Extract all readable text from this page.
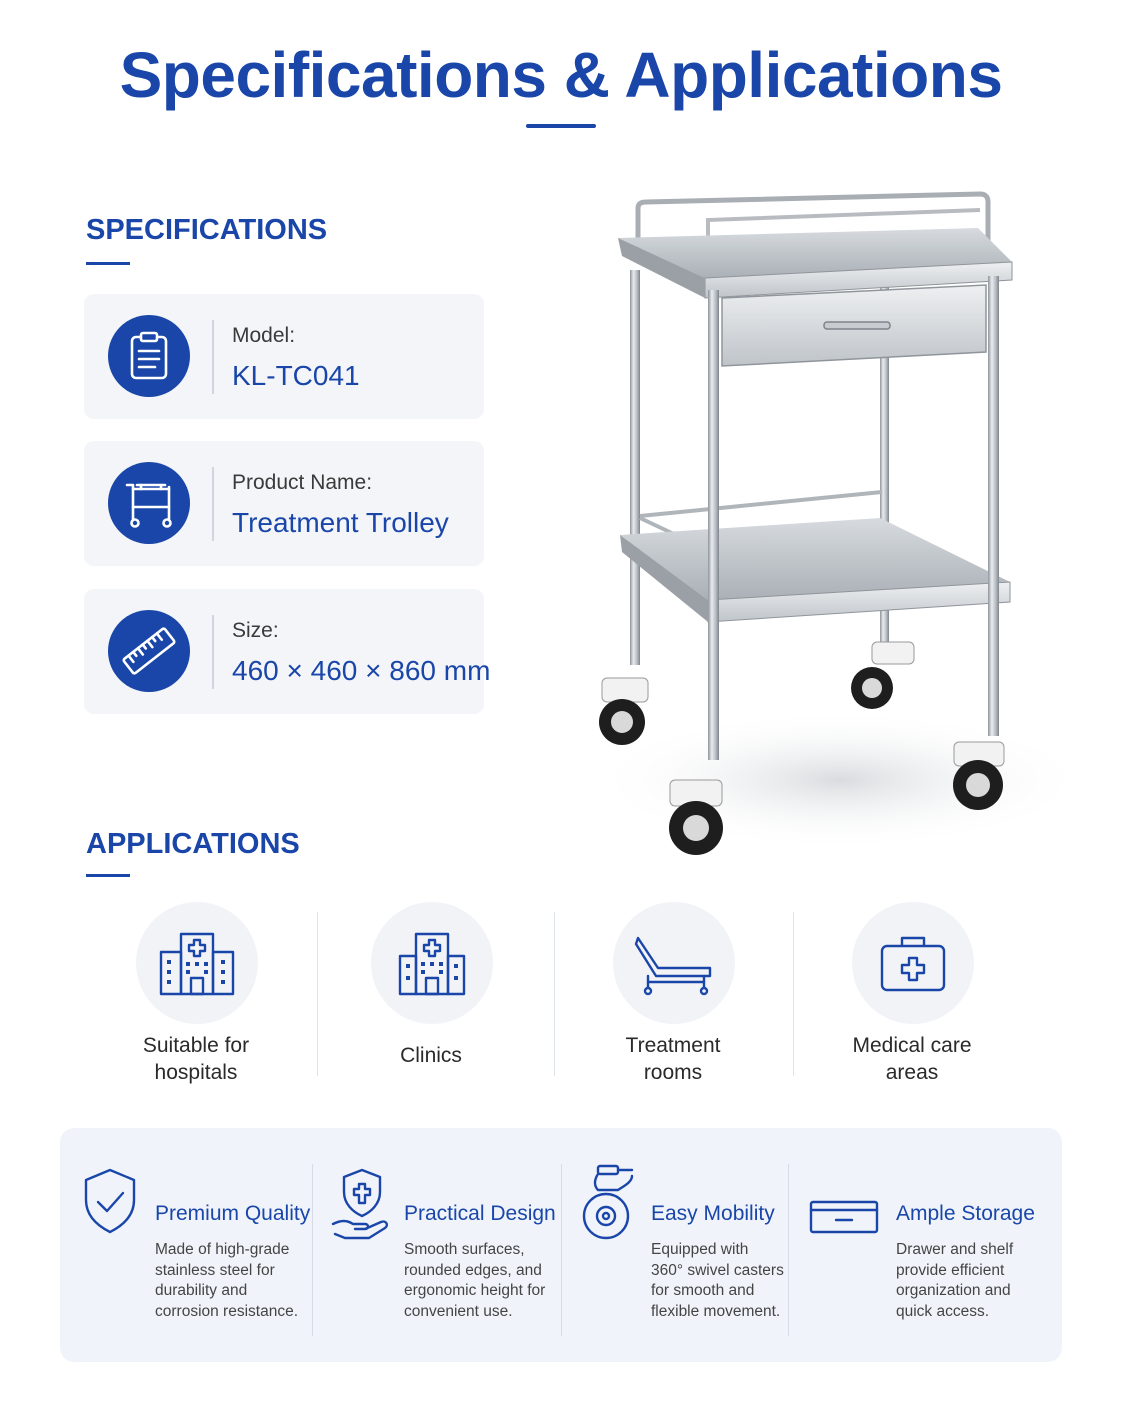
Specifications & Applications
SPECIFICATIONS
Model:
KL-TC041
Product Name:
Treatment Trolley
Size:
460 × 460 × 860 mm
APPLICATIONS
Suitable for
hospitals
Clinics	Treatment
rooms
Medical care
areas
Premium Quality
Made of high-grade
stainless steel for
durability and
corrosion resistance.
Practical Design
Smooth surfaces,
rounded edges, and
ergonomic height for
convenient use.
Easy Mobility
Equipped with
360° swivel casters
for smooth and
flexible movement.
Ample Storage
Drawer and shelf
provide efficient
organization and
quick access.
